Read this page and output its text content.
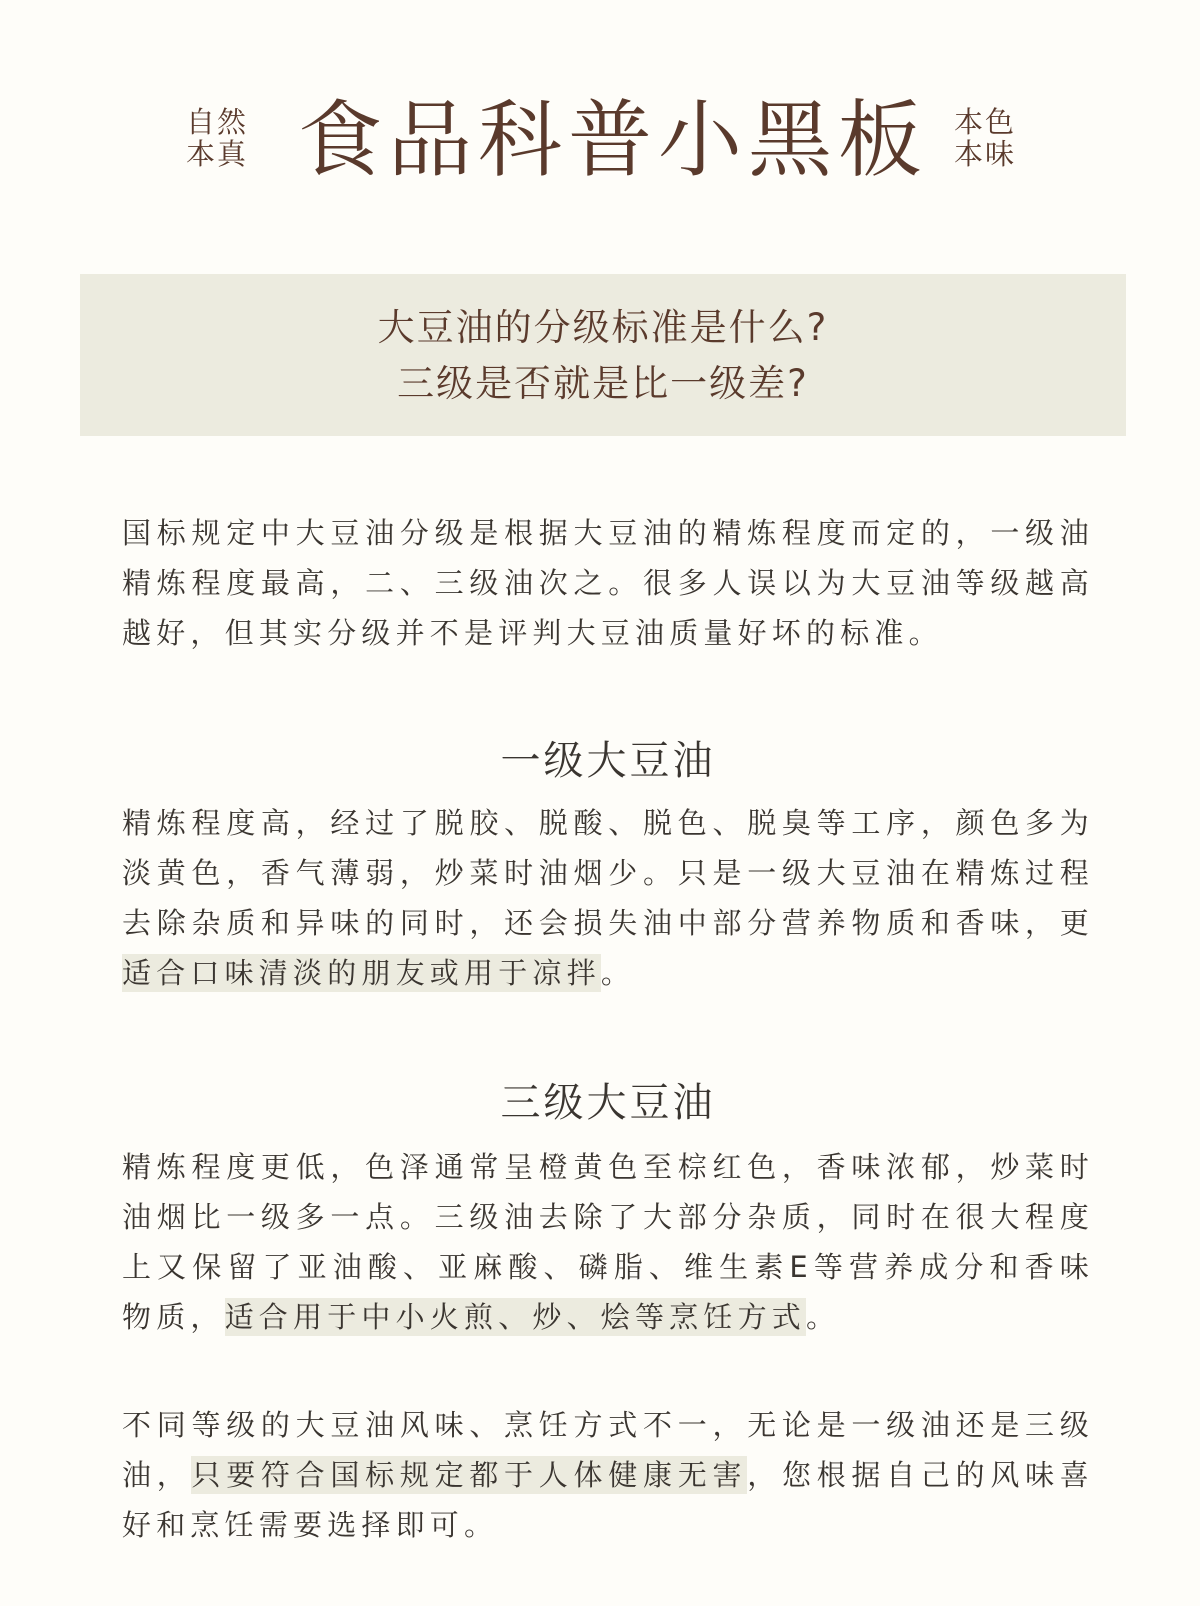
自然
本真 食品科普小黑板 本色
本味
大豆油的分级标准是什么?
三级是否就是比一级差?

国标规定中大豆油分级是根据大豆油的精炼程度而定的，一级油精炼程度最高，二、三级油次之。很多人误以为大豆油等级越高越好，但其实分级并不是评判大豆油质量好坏的标准。

一级大豆油

精炼程度高，经过了脱胶、脱酸、脱色、脱臭等工序，颜色多为淡黄色，香气薄弱，炒菜时油烟少。只是一级大豆油在精炼过程去除杂质和异味的同时，还会损失油中部分营养物质和香味，更适合口味清淡的朋友或用于凉拌。

三级大豆油

精炼程度更低，色泽通常呈橙黄色至棕红色，香味浓郁，炒菜时油烟比一级多一点。三级油去除了大部分杂质，同时在很大程度上又保留了亚油酸、亚麻酸、磷脂、维生素E等营养成分和香味物质，适合用于中小火煎、炒、烩等烹饪方式。

不同等级的大豆油风味、烹饪方式不一，无论是一级油还是三级油，只要符合国标规定都于人体健康无害，您根据自己的风味喜好和烹饪需要选择即可。
